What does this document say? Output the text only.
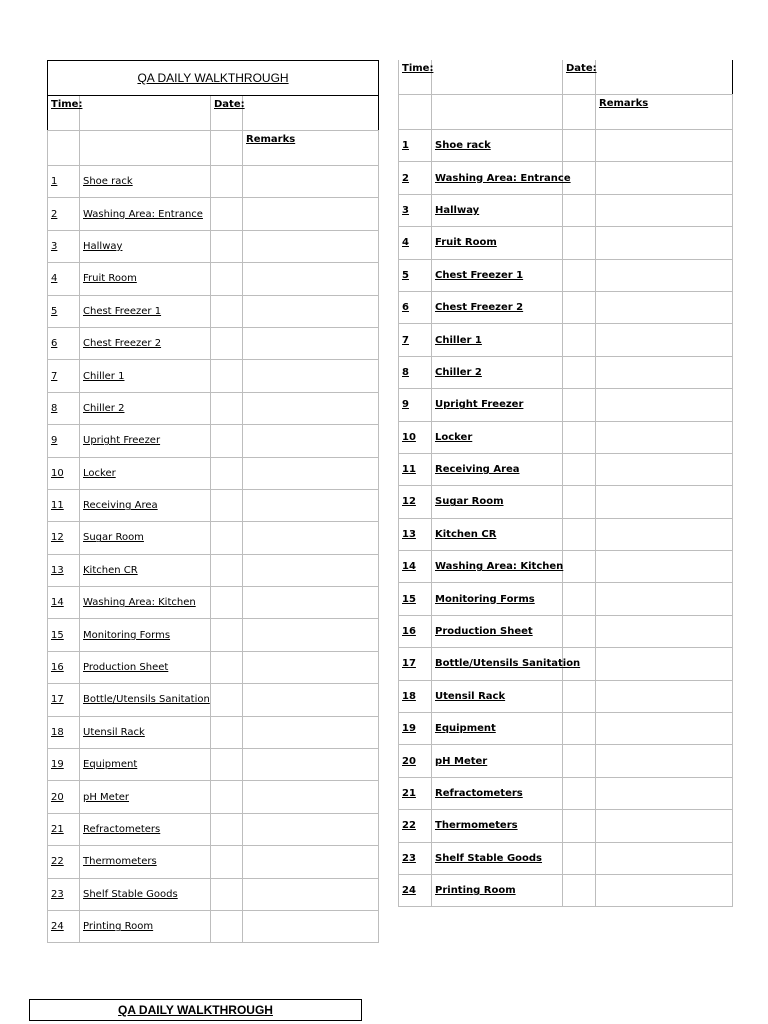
QA DAILY WALKTHROUGH			
Time:		Date:	
			Remarks
1	Shoe rack		
2	Washing Area: Entrance		
3	Hallway		
4	Fruit Room		
5	Chest Freezer 1		
6	Chest Freezer 2		
7	Chiller 1		
8	Chiller 2		
9	Upright Freezer		
10	Locker		
11	Receiving Area		
12	Sugar Room		
13	Kitchen CR		
14	Washing Area: Kitchen		
15	Monitoring Forms		
16	Production Sheet		
17	Bottle/Utensils Sanitation		
18	Utensil Rack		
19	Equipment		
20	pH Meter		
21	Refractometers		
22	Thermometers		
23	Shelf Stable Goods		
24	Printing Room		
Time:		Date:	
			Remarks
1	Shoe rack		
2	Washing Area: Entrance		
3	Hallway		
4	Fruit Room		
5	Chest Freezer 1		
6	Chest Freezer 2		
7	Chiller 1		
8	Chiller 2		
9	Upright Freezer		
10	Locker		
11	Receiving Area		
12	Sugar Room		
13	Kitchen CR		
14	Washing Area: Kitchen		
15	Monitoring Forms		
16	Production Sheet		
17	Bottle/Utensils Sanitation		
18	Utensil Rack		
19	Equipment		
20	pH Meter		
21	Refractometers		
22	Thermometers		
23	Shelf Stable Goods		
24	Printing Room		
QA DAILY WALKTHROUGH
